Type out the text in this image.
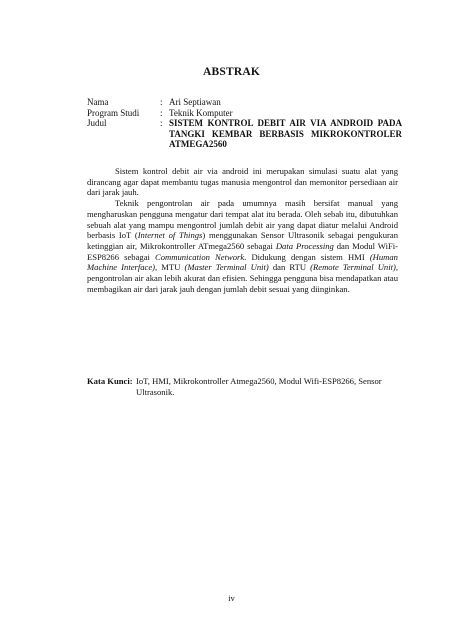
ABSTRAK
Nama	: Ari Septiawan
Program Studi	: Teknik Komputer
Judul	: SISTEM KONTROL DEBIT AIR VIA ANDROID PADA TANGKI KEMBAR BERBASIS MIKROKONTROLER ATMEGA2560

Sistem kontrol debit air via android ini merupakan simulasi suatu alat yang dirancang agar dapat membantu tugas manusia mengontrol dan memonitor persediaan air dari jarak jauh.

Teknik pengontrolan air pada umumnya masih bersifat manual yang mengharuskan pengguna mengatur dari tempat alat itu berada. Oleh sebab itu, dibutuhkan sebuah alat yang mampu mengontrol jumlah debit air yang dapat diatur melalui Android berbasis IoT (Internet of Things) menggunakan Sensor Ultrasonik sebagai pengukuran ketinggian air, Mikrokontroller ATmega2560 sebagai Data Processing dan Modul WiFi-ESP8266 sebagai Communication Network. Didukung dengan sistem HMI (Human Machine Interface), MTU (Master Terminal Unit) dan RTU (Remote Terminal Unit), pengontrolan air akan lebih akurat dan efisien. Sehingga pengguna bisa mendapatkan atau membagikan air dari jarak jauh dengan jumlah debit sesuai yang diinginkan.

Kata Kunci: IoT, HMI, Mikrokontroller Atmega2560, Modul Wifi-ESP8266, Sensor Ultrasonik.
iv
